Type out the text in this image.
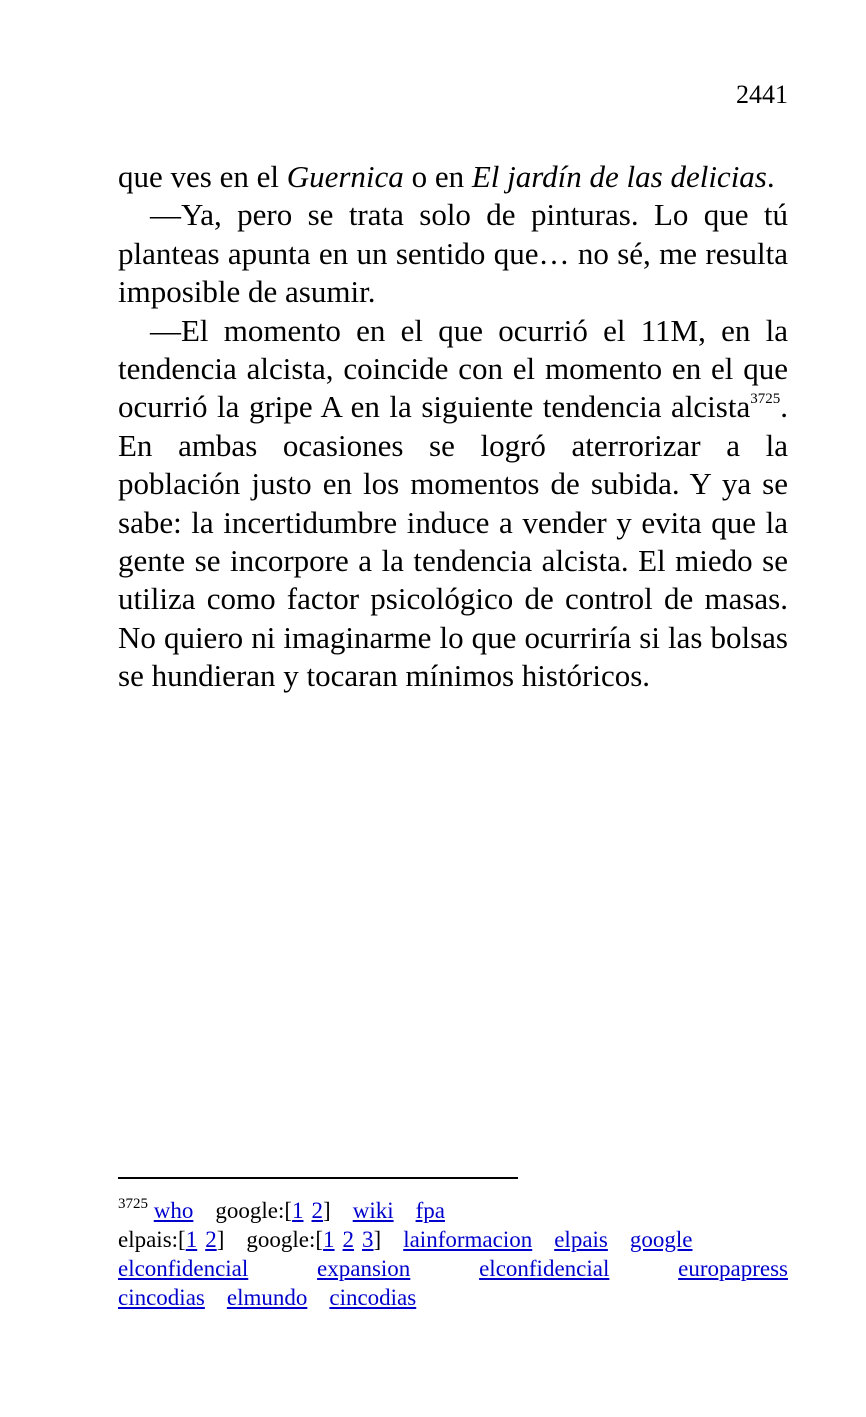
2441

que ves en el Guernica o en El jardín de las delicias.

—Ya, pero se trata solo de pinturas. Lo que tú planteas apunta en un sentido que… no sé, me resulta imposible de asumir.

—El momento en el que ocurrió el 11M, en la tendencia alcista, coincide con el momento en el que ocurrió la gripe A en la siguiente tendencia alcista$^{3725}$. En ambas ocasiones se logró aterrorizar a la población justo en los momentos de subida. Y ya se sabe: la incertidumbre induce a vender y evita que la gente se incorpore a la tendencia alcista. El miedo se utiliza como factor psicológico de control de masas. No quiero ni imaginarme lo que ocurriría si las bolsas se hundieran y tocaran mínimos históricos.

$^{3725}$ who google:[1 2] wiki fpa
elpais:[1 2] google:[1 2 3] lainformacion elpais google
elconfidencial	expansion	elconfidencial	europapress
cincodias elmundo cincodias
